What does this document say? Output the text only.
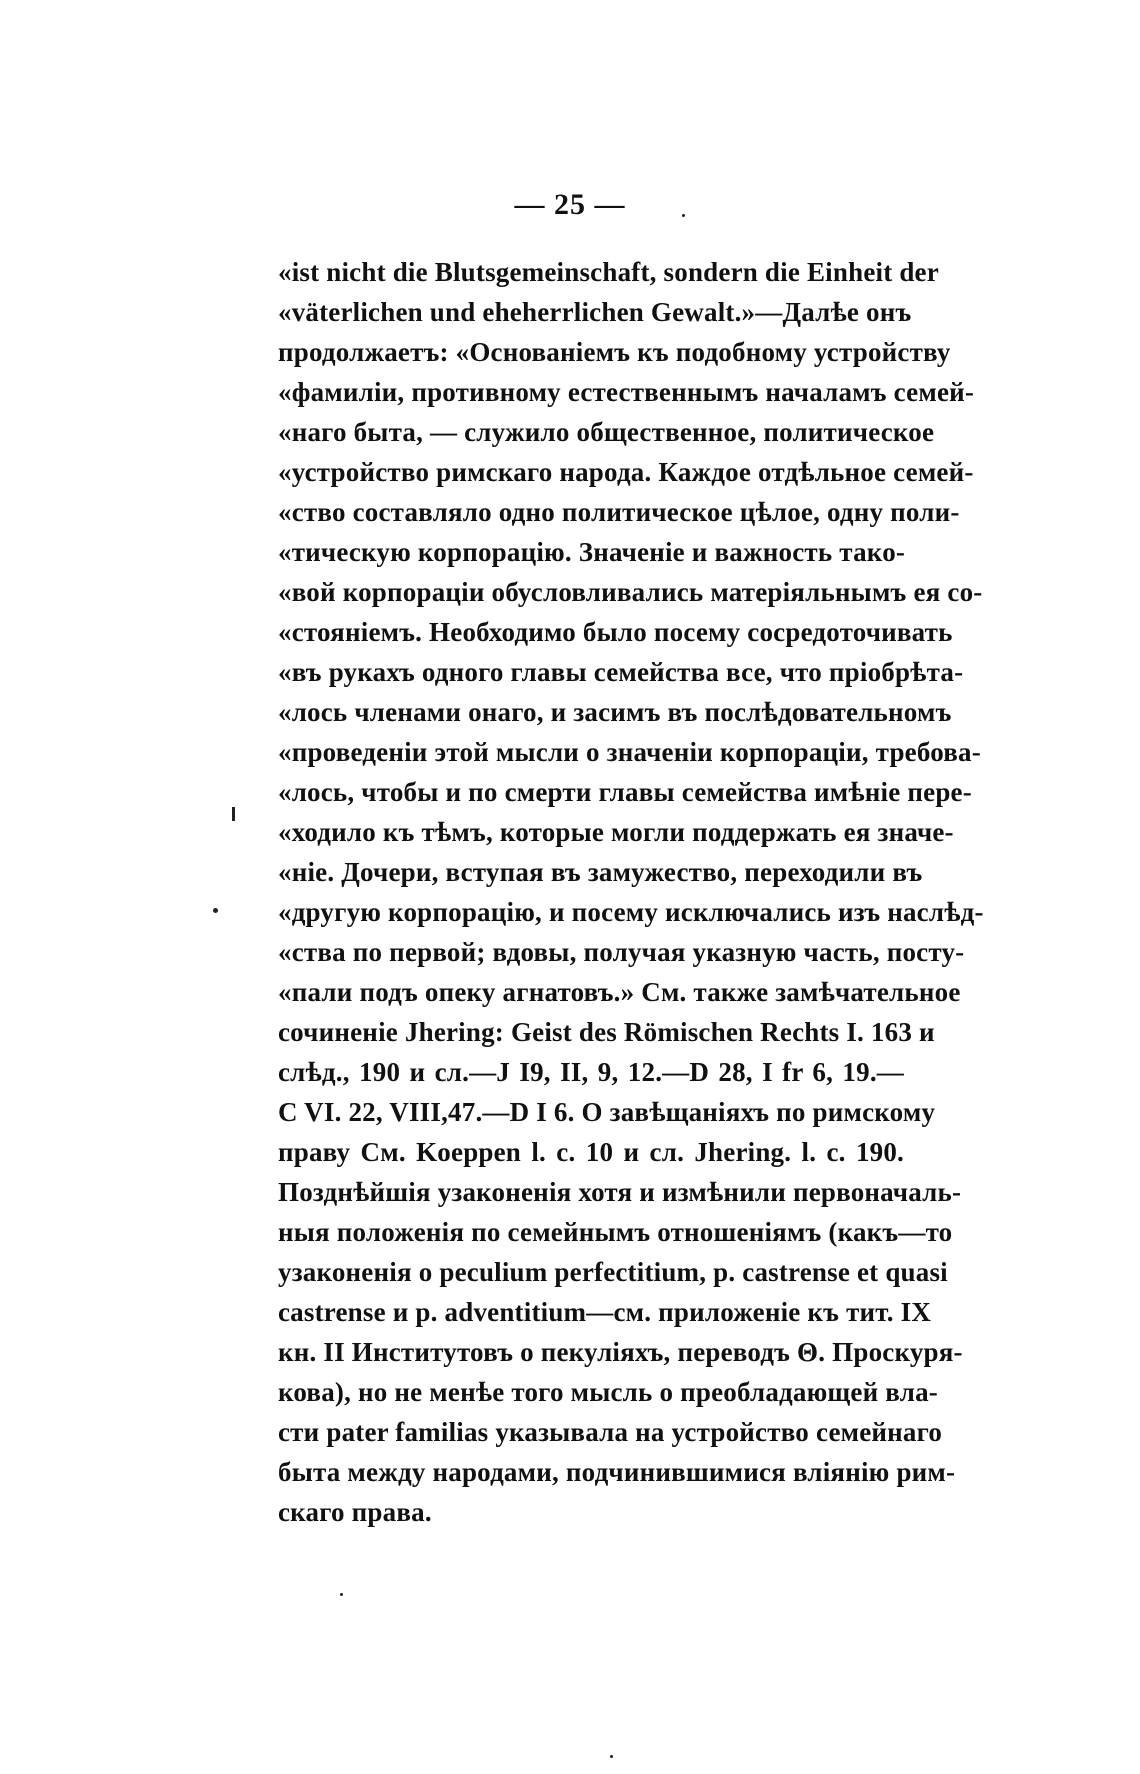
— 25 —
«ist nicht die Blutsgemeinschaft, sondern die Einheit der
«väterlichen und eheherrlichen Gewalt.»—Далѣе онъ
продолжаетъ: «Основаніемъ къ подобному устройству
«фамиліи, противному естественнымъ началамъ семей-
«наго быта, — служило общественное, политическое
«устройство римскаго народа. Каждое отдѣльное семей-
«ство составляло одно политическое цѣлое, одну поли-
«тическую корпорацію. Значеніе и важность тако-
«вой корпораціи обусловливались матеріяльнымъ ея со-
«стояніемъ. Необходимо было посему сосредоточивать
«въ рукахъ одного главы семейства все, что пріобрѣта-
«лось членами онаго, и засимъ въ послѣдовательномъ
«проведеніи этой мысли о значеніи корпораціи, требова-
«лось, чтобы и по смерти главы семейства имѣніе пере-
«ходило къ тѣмъ, которые могли поддержать ея значе-
«ніе. Дочери, вступая въ замужество, переходили въ
«другую корпорацію, и посему исключались изъ наслѣд-
«ства по первой; вдовы, получая указную часть, посту-
«пали подъ опеку агнатовъ.» См. также замѣчательное
сочиненіе Jhering: Geist des Römischen Rechts I. 163 и
слѣд., 190 и сл.—J I9, II, 9, 12.—D 28, I fr 6, 19.—
C VI. 22, VIII,47.—D I 6. О завѣщаніяхъ по римскому
праву См. Koeppen l. c. 10 и сл. Jhering. l. c. 190.
Позднѣйшія узаконенія хотя и измѣнили первоначаль-
ныя положенія по семейнымъ отношеніямъ (какъ—то
узаконенія о peculium perfectitium, p. castrense et quasi
castrense и p. adventitium—см. приложеніе къ тит. IX
кн. II Институтовъ о пекуліяхъ, переводъ Θ. Проскуря-
кова), но не менѣе того мысль о преобладающей вла-
сти pater familias указывала на устройство семейнаго
быта между народами, подчинившимися вліянію рим-
скаго права.
